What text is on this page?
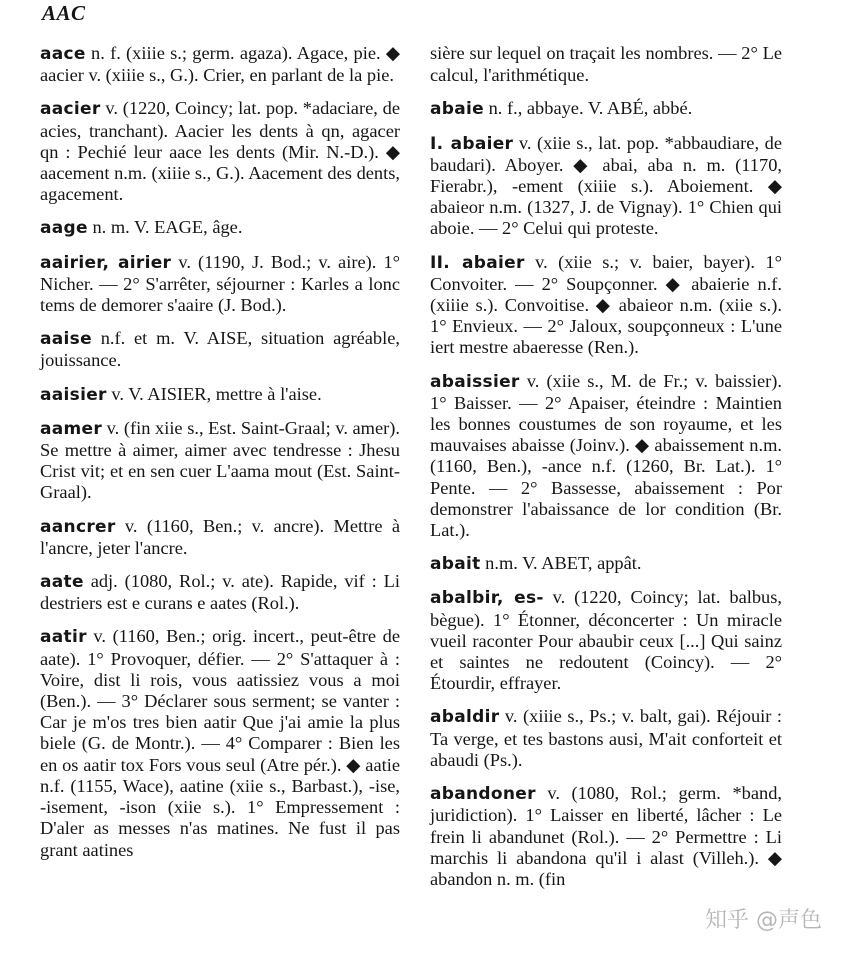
AAC

aace n. f. (xiiie s.; germ. agaza). Agace, pie. ◆ aacier v. (xiiie s., G.). Crier, en parlant de la pie.

aacier v. (1220, Coincy; lat. pop. *adaciare, de acies, tranchant). Aacier les dents à qn, agacer qn : Pechié leur aace les dents (Mir. N.-D.). ◆ aacement n.m. (xiiie s., G.). Aacement des dents, agacement.

aage n. m. V. EAGE, âge.

aairier, airier v. (1190, J. Bod.; v. aire). 1° Nicher. — 2° S'arrêter, séjourner : Karles a lonc tems de demorer s'aaire (J. Bod.).

aaise n.f. et m. V. AISE, situation agréable, jouissance.

aaisier v. V. AISIER, mettre à l'aise.

aamer v. (fin xiie s., Est. Saint-Graal; v. amer). Se mettre à aimer, aimer avec tendresse : Jhesu Crist vit; et en sen cuer L'aama mout (Est. Saint-Graal).

aancrer v. (1160, Ben.; v. ancre). Mettre à l'ancre, jeter l'ancre.

aate adj. (1080, Rol.; v. ate). Rapide, vif : Li destriers est e curans e aates (Rol.).

aatir v. (1160, Ben.; orig. incert., peut-être de aate). 1° Provoquer, défier. — 2° S'attaquer à : Voire, dist li rois, vous aatissiez vous a moi (Ben.). — 3° Déclarer sous serment; se vanter : Car je m'os tres bien aatir Que j'ai amie la plus biele (G. de Montr.). — 4° Comparer : Bien les en os aatir tox Fors vous seul (Atre pér.). ◆ aatie n.f. (1155, Wace), aatine (xiie s., Barbast.), -ise, -isement, -ison (xiie s.). 1° Empressement : D'aler as messes n'as matines. Ne fust il pas grant aatines

sière sur lequel on traçait les nombres. — 2° Le calcul, l'arithmétique.

abaie n. f., abbaye. V. ABÉ, abbé.

I. abaier v. (xiie s., lat. pop. *abbaudiare, de baudari). Aboyer. ◆ abai, aba n. m. (1170, Fierabr.), -ement (xiiie s.). Aboiement. ◆ abaieor n.m. (1327, J. de Vignay). 1° Chien qui aboie. — 2° Celui qui proteste.

II. abaier v. (xiie s.; v. baier, bayer). 1° Convoiter. — 2° Soupçonner. ◆ abaierie n.f. (xiiie s.). Convoitise. ◆ abaieor n.m. (xiie s.). 1° Envieux. — 2° Jaloux, soupçonneux : L'une iert mestre abaeresse (Ren.).

abaissier v. (xiie s., M. de Fr.; v. baissier). 1° Baisser. — 2° Apaiser, éteindre : Maintien les bonnes coustumes de son royaume, et les mauvaises abaisse (Joinv.). ◆ abaissement n.m. (1160, Ben.), -ance n.f. (1260, Br. Lat.). 1° Pente. — 2° Bassesse, abaissement : Por demonstrer l'abaissance de lor condition (Br. Lat.).

abait n.m. V. ABET, appât.

abalbir, es- v. (1220, Coincy; lat. balbus, bègue). 1° Étonner, déconcerter : Un miracle vueil raconter Pour abaubir ceux [...] Qui sainz et saintes ne redoutent (Coincy). — 2° Étourdir, effrayer.

abaldir v. (xiiie s., Ps.; v. balt, gai). Réjouir : Ta verge, et tes bastons ausi, M'ait conforteit et abaudi (Ps.).

abandoner v. (1080, Rol.; germ. *band, juridiction). 1° Laisser en liberté, lâcher : Le frein li abandunet (Rol.). — 2° Permettre : Li marchis li abandona qu'il i alast (Villeh.). ◆ abandon n. m. (fin

知乎 @声色
